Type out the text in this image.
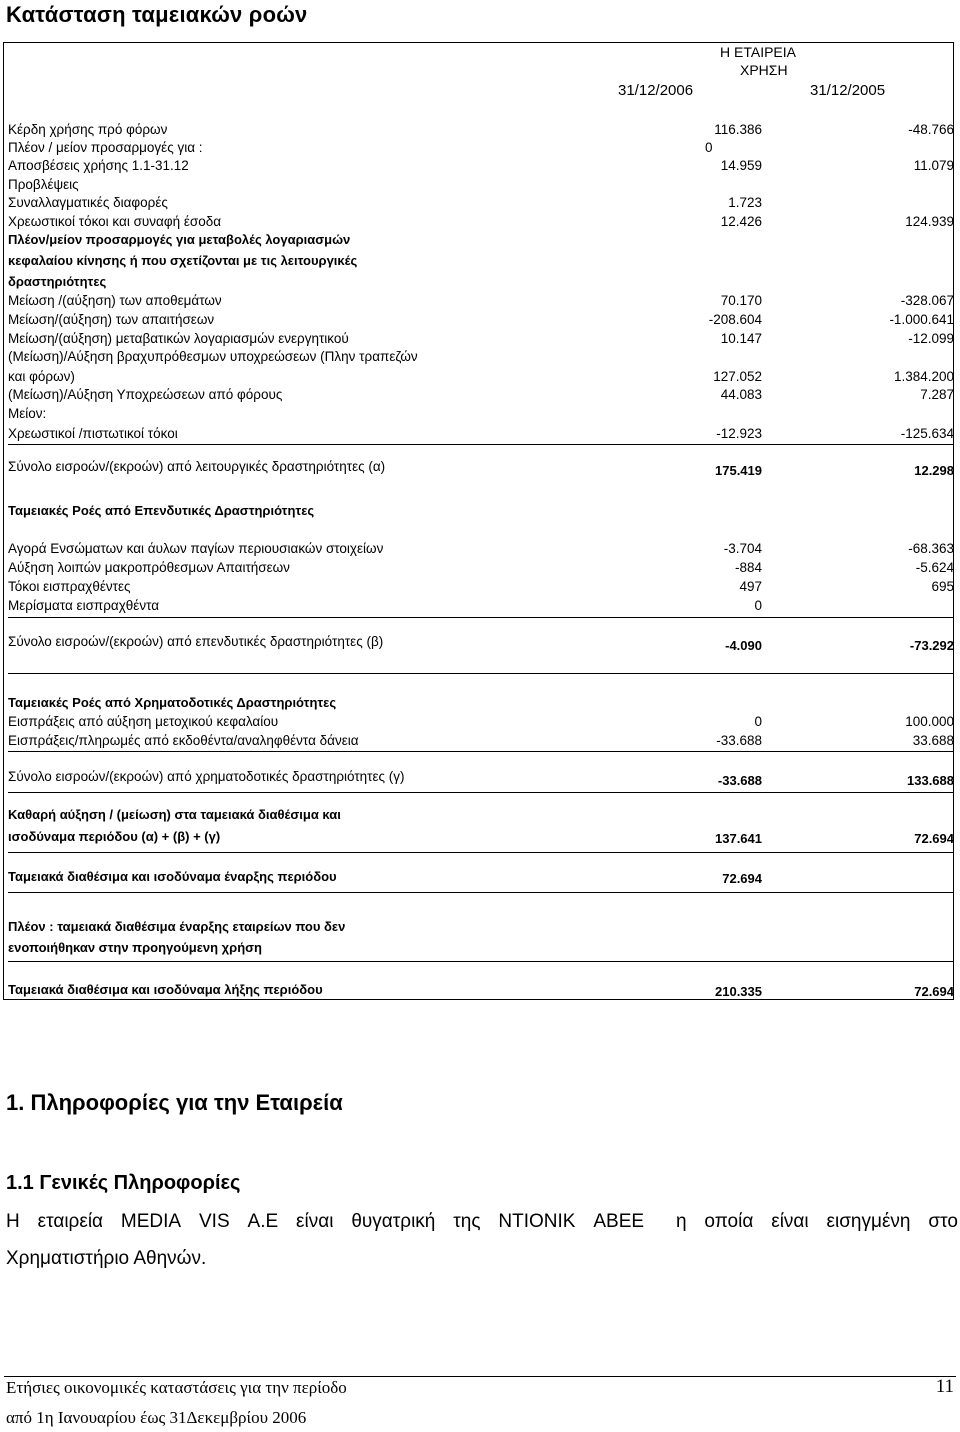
Κατάσταση ταμειακών ροών
Η ΕΤΑΙΡΕΙΑ
ΧΡΗΣΗ
31/12/2006	31/12/2005
Κέρδη χρήσης πρό φόρων	116.386	-48.766
Πλέον / μείον προσαρμογές για :	0
Αποσβέσεις χρήσης 1.1-31.12	14.959	11.079
Προβλέψεις
Συναλλαγματικές διαφορές	1.723
Χρεωστικοί τόκοι και συναφή έσοδα	12.426	124.939
Πλέον/μείον προσαρμογές για μεταβολές λογαριασμών
κεφαλαίου κίνησης ή που σχετίζονται με τις λειτουργικές
δραστηριότητες
Μείωση /(αύξηση) των αποθεμάτων	70.170	-328.067
Μείωση/(αύξηση) των απαιτήσεων	-208.604	-1.000.641
Μείωση/(αύξηση) μεταβατικών λογαριασμών ενεργητικού	10.147	-12.099
(Μείωση)/Αύξηση βραχυπρόθεσμων υποχρεώσεων (Πλην τραπεζών
και φόρων)	127.052	1.384.200
(Μείωση)/Αύξηση Υποχρεώσεων από φόρους	44.083	7.287
Μείον:
Χρεωστικοί /πιστωτικοί τόκοι	-12.923	-125.634
Σύνολο εισροών/(εκροών) από λειτουργικές δραστηριότητες (α)	175.419	12.298
Ταμειακές Ροές από Επενδυτικές Δραστηριότητες
Αγορά Ενσώματων και άυλων παγίων περιουσιακών στοιχείων	-3.704	-68.363
Αύξηση λοιπών μακροπρόθεσμων Απαιτήσεων	-884	-5.624
Τόκοι εισπραχθέντες	497	695
Μερίσματα εισπραχθέντα	0
Σύνολο εισροών/(εκροών) από επενδυτικές δραστηριότητες (β)	-4.090	-73.292
Ταμειακές Ροές από Χρηματοδοτικές Δραστηριότητες
Εισπράξεις από αύξηση μετοχικού κεφαλαίου	0	100.000
Εισπράξεις/πληρωμές από εκδοθέντα/αναληφθέντα δάνεια	-33.688	33.688
Σύνολο εισροών/(εκροών) από χρηματοδοτικές δραστηριότητες (γ)	-33.688	133.688
Καθαρή αύξηση / (μείωση) στα ταμειακά διαθέσιμα και
ισοδύναμα περιόδου (α) + (β) + (γ)	137.641	72.694
Ταμειακά διαθέσιμα και ισοδύναμα έναρξης περιόδου	72.694
Πλέον : ταμειακά διαθέσιμα έναρξης εταιρείων που δεν
ενοποιήθηκαν στην προηγούμενη χρήση
Ταμειακά διαθέσιμα και ισοδύναμα λήξης περιόδου	210.335	72.694
1. Πληροφορίες για την Εταιρεία
1.1 Γενικές Πληροφορίες
Η εταιρεία MEDIA VIS Α.Ε είναι θυγατρική της ΝΤΙΟΝΙΚ ΑΒΕΕ η οποία είναι εισηγμένη στο
Χρηματιστήριο Αθηνών.
Ετήσιες οικονομικές καταστάσεις για την περίοδο
από 1η Ιανουαρίου έως 31Δεκεμβρίου 2006
11
